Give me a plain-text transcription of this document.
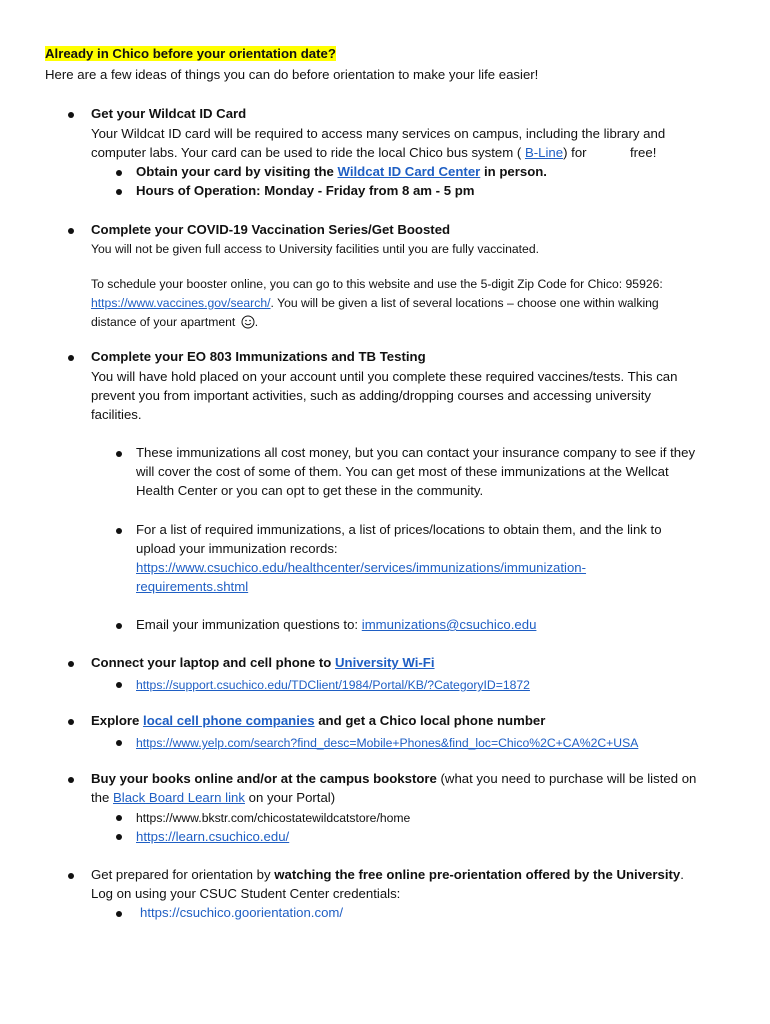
Already in Chico before your orientation date?
Here are a few ideas of things you can do before orientation to make your life easier!
Get your Wildcat ID Card
Your Wildcat ID card will be required to access many services on campus, including the library and
computer labs. Your card can be used to ride the local Chico bus system ( B-Line) for	free!
Obtain your card by visiting the Wildcat ID Card Center in person.
Hours of Operation: Monday - Friday from 8 am - 5 pm
Complete your COVID-19 Vaccination Series/Get Boosted
You will not be given full access to University facilities until you are fully vaccinated.
To schedule your booster online, you can go to this website and use the 5-digit Zip Code for Chico: 95926:
https://www.vaccines.gov/search/. You will be given a list of several locations – choose one within walking
distance of your apartment .
Complete your EO 803 Immunizations and TB Testing
You will have hold placed on your account until you complete these required vaccines/tests. This can
prevent you from important activities, such as adding/dropping courses and accessing university
facilities.
These immunizations all cost money, but you can contact your insurance company to see if they
will cover the cost of some of them. You can get most of these immunizations at the Wellcat
Health Center or you can opt to get these in the community.
For a list of required immunizations, a list of prices/locations to obtain them, and the link to
upload your immunization records:
https://www.csuchico.edu/healthcenter/services/immunizations/immunization-
requirements.shtml
Email your immunization questions to: immunizations@csuchico.edu
Connect your laptop and cell phone to University Wi-Fi
https://support.csuchico.edu/TDClient/1984/Portal/KB/?CategoryID=1872
Explore local cell phone companies and get a Chico local phone number
https://www.yelp.com/search?find_desc=Mobile+Phones&find_loc=Chico%2C+CA%2C+USA
Buy your books online and/or at the campus bookstore (what you need to purchase will be listed on
the Black Board Learn link on your Portal)
https://www.bkstr.com/chicostatewildcatstore/home
https://learn.csuchico.edu/
Get prepared for orientation by watching the free online pre-orientation offered by the University.
Log on using your CSUC Student Center credentials:
https://csuchico.goorientation.com/
